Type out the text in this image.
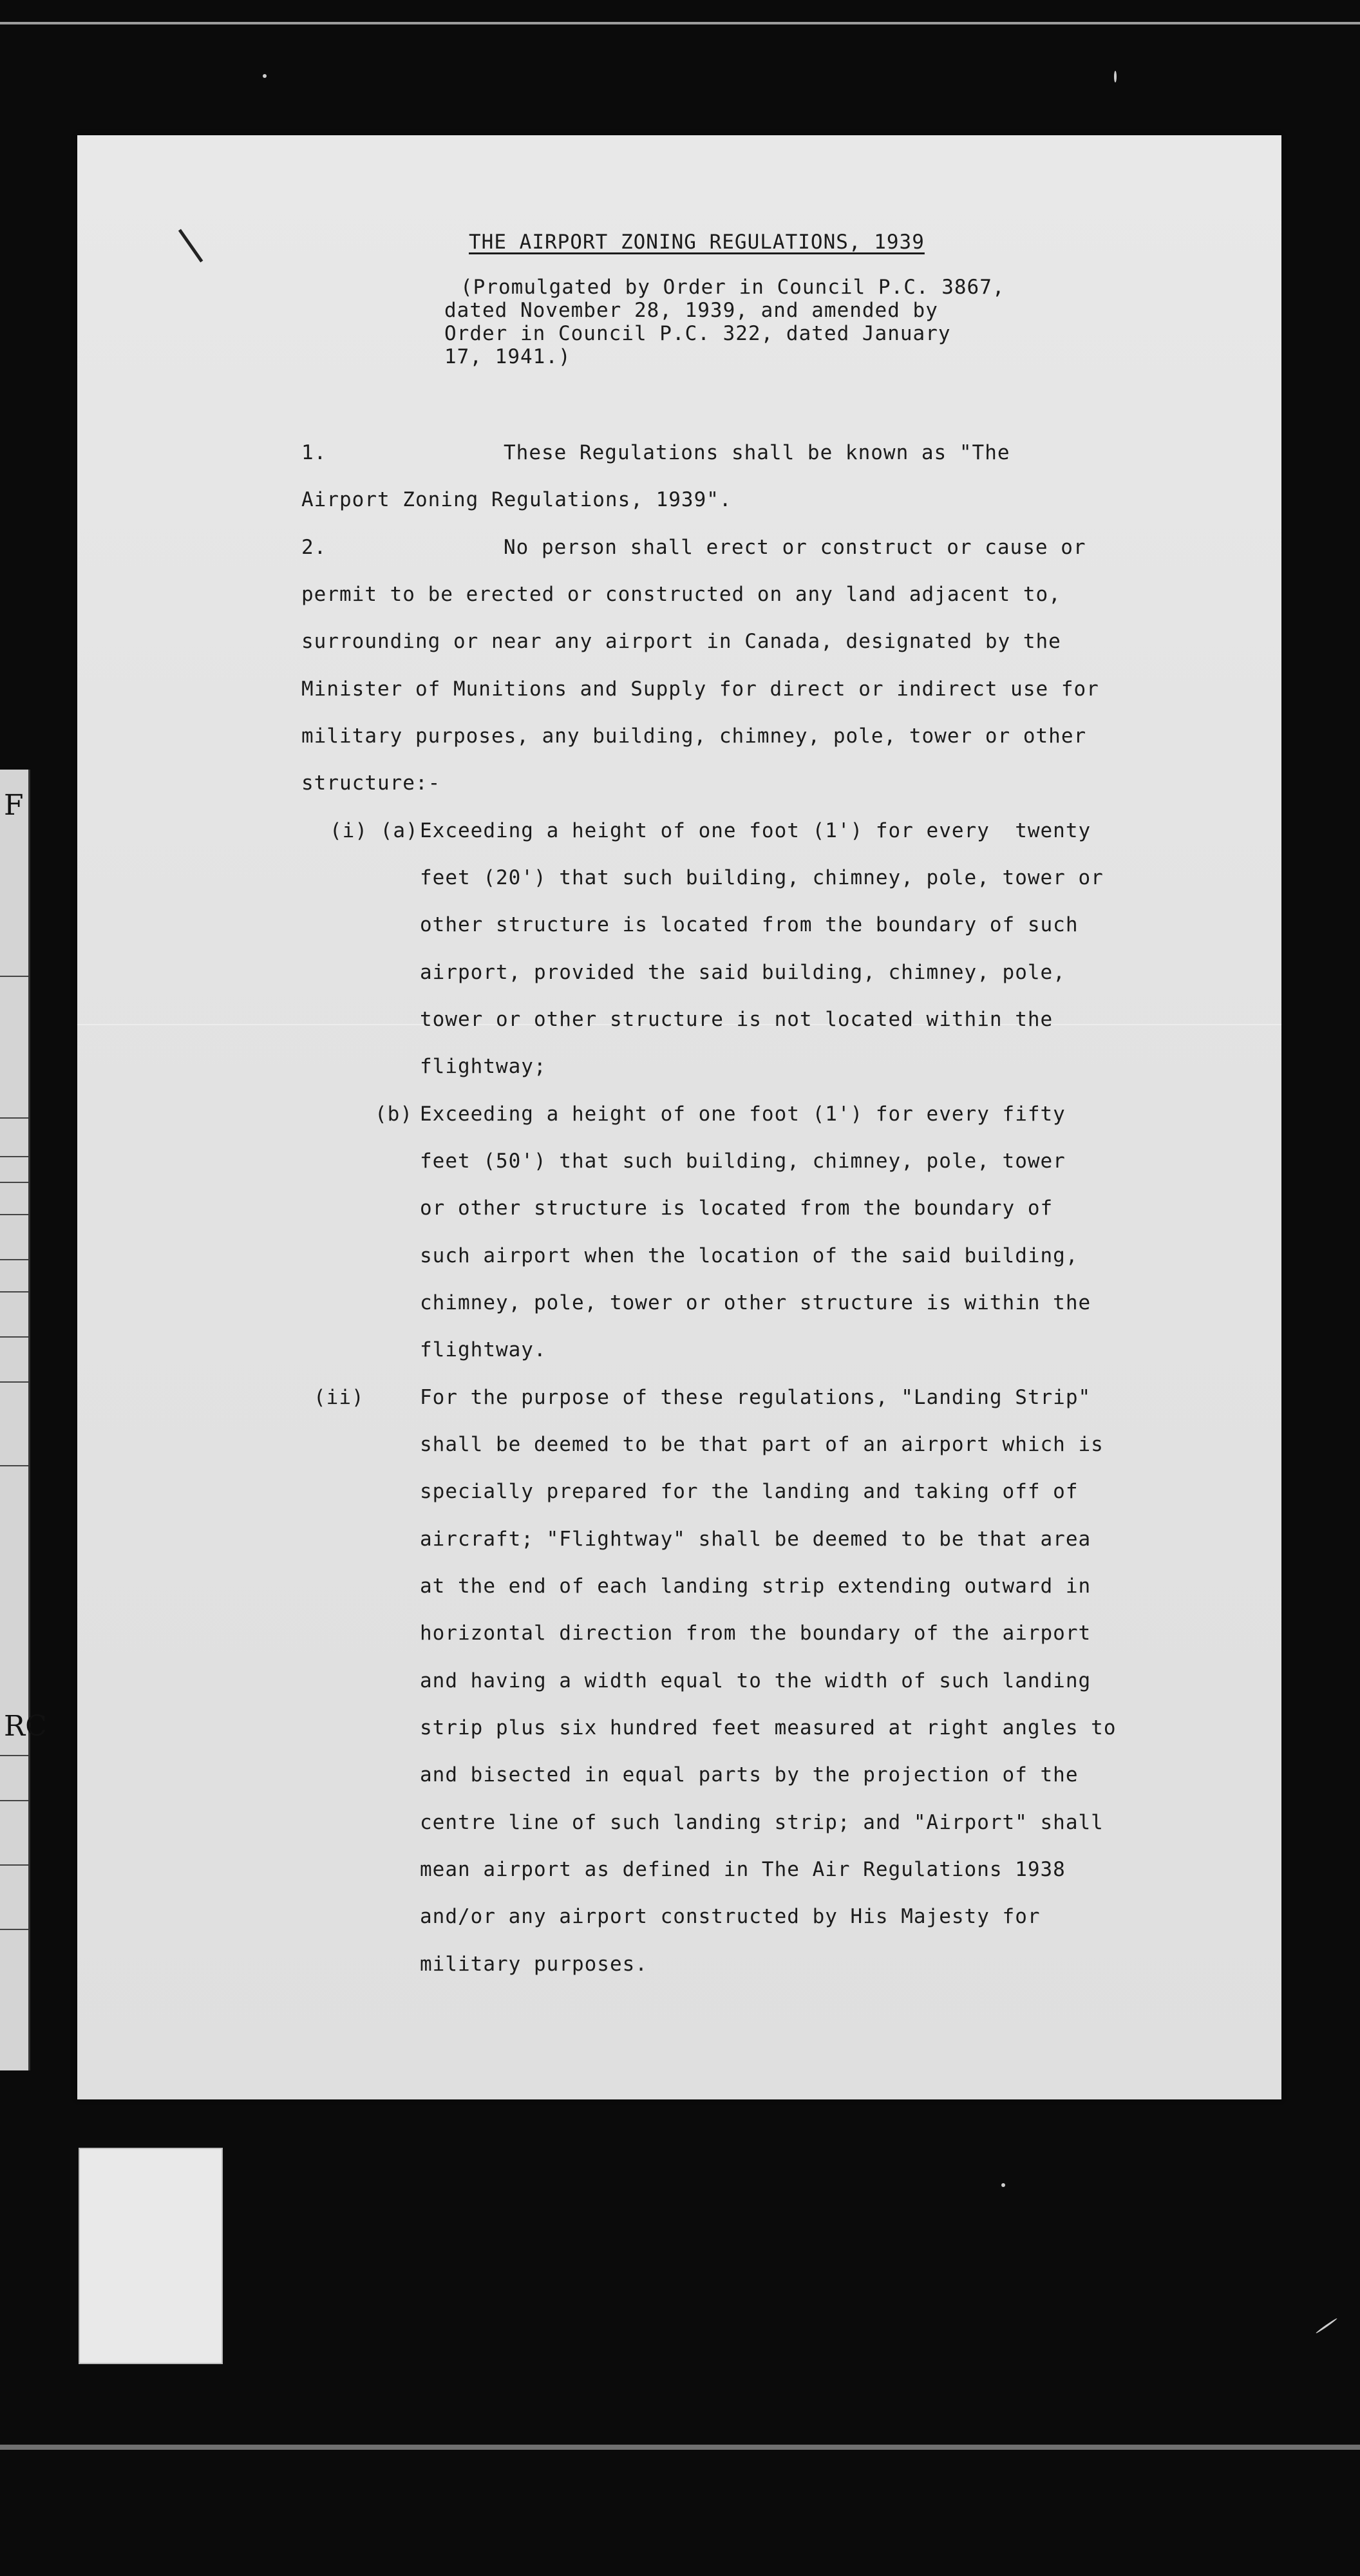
F
RC
THE AIRPORT ZONING REGULATIONS, 1939
(Promulgated by Order in Council P.C. 3867,
dated November 28, 1939, and amended by
Order in Council P.C. 322, dated January
17, 1941.)
1.	These Regulations shall be known as "The
Airport Zoning Regulations, 1939".
2.	No person shall erect or construct or cause or
permit to be erected or constructed on any land adjacent to,
surrounding or near any airport in Canada, designated by the
Minister of Munitions and Supply for direct or indirect use for
military purposes, any building, chimney, pole, tower or other
structure:-
(i) (a) Exceeding a height of one foot (1') for every  twenty
feet (20') that such building, chimney, pole, tower or
other structure is located from the boundary of such
airport, provided the said building, chimney, pole,
tower or other structure is not located within the
flightway;
(b) Exceeding a height of one foot (1') for every fifty
feet (50') that such building, chimney, pole, tower
or other structure is located from the boundary of
such airport when the location of the said building,
chimney, pole, tower or other structure is within the
flightway.
(ii)	For the purpose of these regulations, "Landing Strip"
shall be deemed to be that part of an airport which is
specially prepared for the landing and taking off of
aircraft; "Flightway" shall be deemed to be that area
at the end of each landing strip extending outward in
horizontal direction from the boundary of the airport
and having a width equal to the width of such landing
strip plus six hundred feet measured at right angles to
and bisected in equal parts by the projection of the
centre line of such landing strip; and "Airport" shall
mean airport as defined in The Air Regulations 1938
and/or any airport constructed by His Majesty for
military purposes.
